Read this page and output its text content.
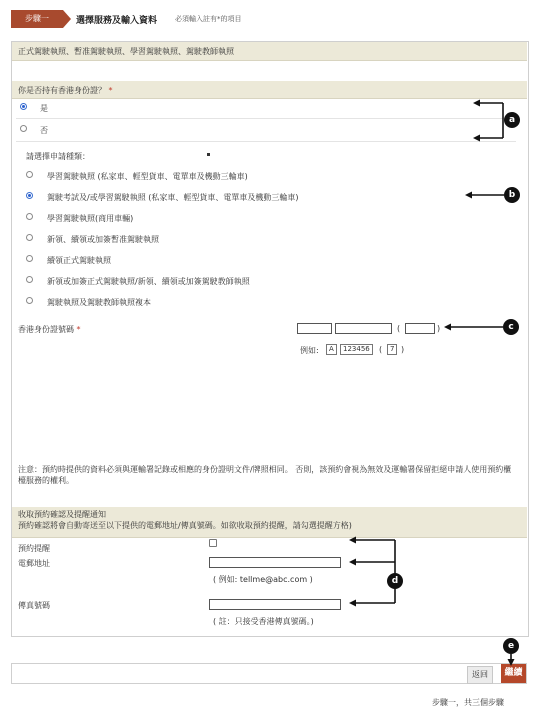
步驟一	選擇服務及輸入資料	必須輸入註有*的項目
正式駕駛執照、暫准駕駛執照、學習駕駛執照、駕駛教師執照
你是否持有香港身份證？ *
是
否
請選擇申請種類：
學習駕駛執照 (私家車、輕型貨車、電單車及機動三輪車)
駕駛考試及/或學習駕駛執照 (私家車、輕型貨車、電單車及機動三輪車)
學習駕駛執照(商用車輛)
新領、續領或加簽暫准駕駛執照
續領正式駕駛執照
新領或加簽正式駕駛執照/新領、續領或加簽駕駛教師執照
駕駛執照及駕駛教師執照複本
香港身份證號碼 *	(	)
例如:	A	123456	(	7 )
注意：預約時提供的資料必須與運輸署記錄或相應的身份證明文件/牌照相同。 否則，該預約會視為無效及運輸署保留拒絕申請人使用預約櫃檯服務的權利。
收取預約確認及提醒通知
預約確認將會自動寄送至以下提供的電郵地址/傳真號碼。如欲收取預約提醒，請勾選提醒方格)
預約提醒
電郵地址
( 例如: tellme@abc.com )
傳真號碼
( 註：只接受香港傳真號碼。)
返回	繼續
步驟一，共三個步驟
a
b
c
d
e
